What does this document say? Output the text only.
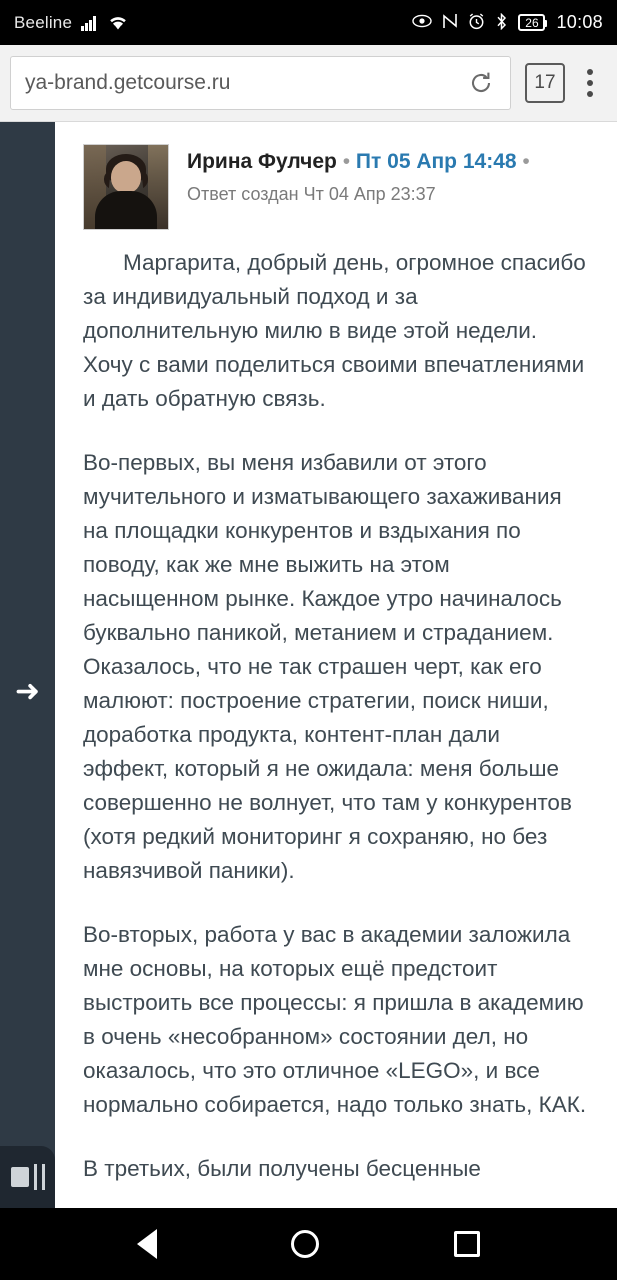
Beeline	26 10:08
ya-brand.getcourse.ru	17
➜
Ирина Фулчер • Пт 05 Апр 14:48 •
Ответ создан Чт 04 Апр 23:37

Маргарита, добрый день, огромное спасибо за индивидуальный подход и за дополнительную милю в виде этой недели. Хочу с вами поделиться своими впечатлениями и дать обратную связь.

Во-первых, вы меня избавили от этого мучительного и изматывающего захаживания на площадки конкурентов и вздыхания по поводу, как же мне выжить на этом насыщенном рынке. Каждое утро начиналось буквально паникой, метанием и страданием. Оказалось, что не так страшен черт, как его малюют: построение стратегии, поиск ниши, доработка продукта, контент-план дали эффект, который я не ожидала: меня больше совершенно не волнует, что там у конкурентов (хотя редкий мониторинг я сохраняю, но без навязчивой паники).

Во-вторых, работа у вас в академии заложила мне основы, на которых ещё предстоит выстроить все процессы: я пришла в академию в очень «несобранном» состоянии дел, но оказалось, что это отличное «LEGO», и все нормально собирается, надо только знать, КАК.

В третьих, были получены бесценные
